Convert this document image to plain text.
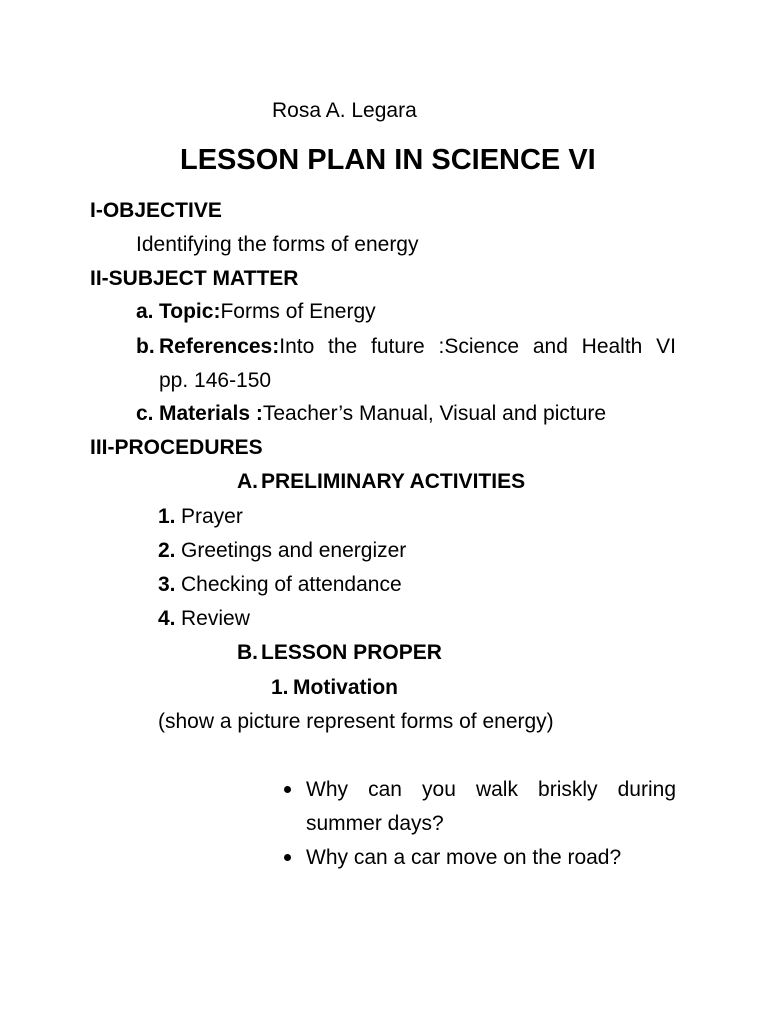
Rosa A. Legara
LESSON PLAN IN SCIENCE VI
I-OBJECTIVE
Identifying the forms of energy
II-SUBJECT MATTER
a. Topic:Forms of Energy
b. References:Into the future :Science and Health VI
pp. 146-150
c. Materials :Teacher’s Manual, Visual and picture
III-PROCEDURES
A. PRELIMINARY ACTIVITIES
1. Prayer
2. Greetings and energizer
3. Checking of attendance
4. Review
B. LESSON PROPER
1. Motivation
(show a picture represent forms of energy)
Why can you walk briskly during
summer days?
Why can a car move on the road?
